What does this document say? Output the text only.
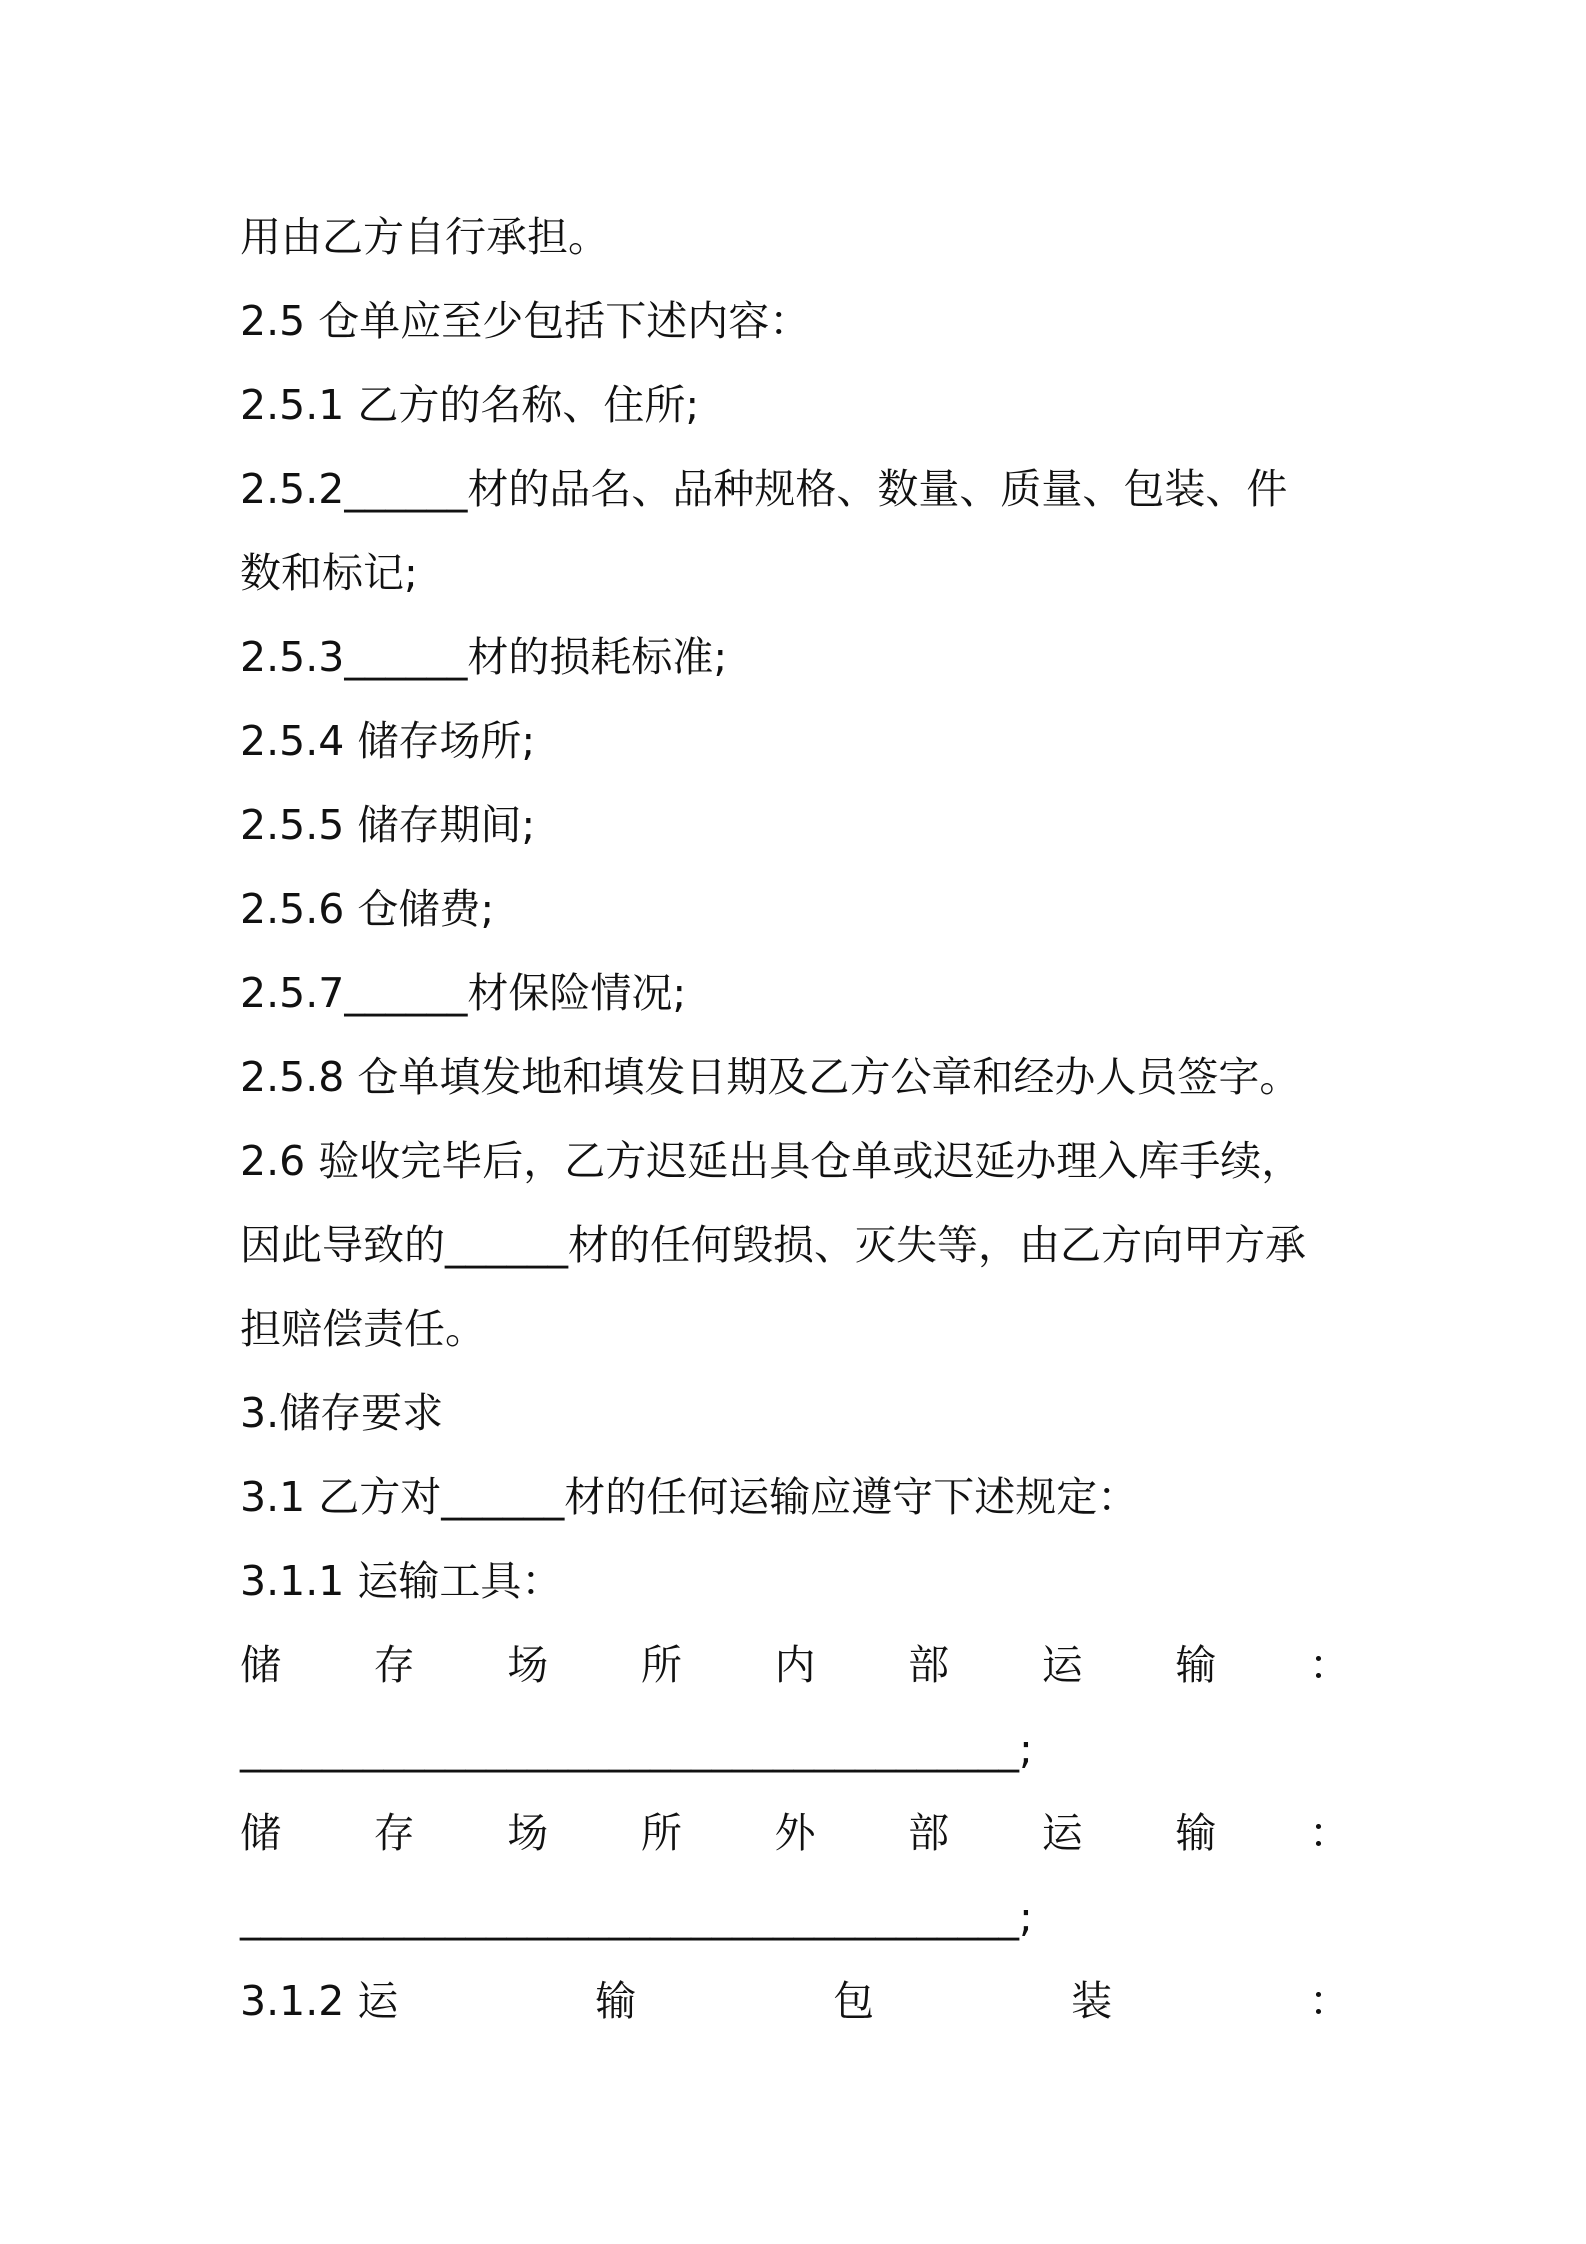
用由乙方自行承担。
2.5 仓单应至少包括下述内容：
2.5.1 乙方的名称、住所;
2.5.2______材的品名、品种规格、数量、质量、包装、件
数和标记;
2.5.3______材的损耗标准;
2.5.4 储存场所;
2.5.5 储存期间;
2.5.6 仓储费;
2.5.7______材保险情况;
2.5.8 仓单填发地和填发日期及乙方公章和经办人员签字。
2.6 验收完毕后，乙方迟延出具仓单或迟延办理入库手续，
因此导致的______材的任何毁损、灭失等，由乙方向甲方承
担赔偿责任。
3.储存要求
3.1 乙方对______材的任何运输应遵守下述规定：
3.1.1 运输工具：
储 存 场 所 内 部 运 输 ：
______________________________________;
储 存 场 所 外 部 运 输 ：
______________________________________;
3.1.2 运	输	包	装	：
